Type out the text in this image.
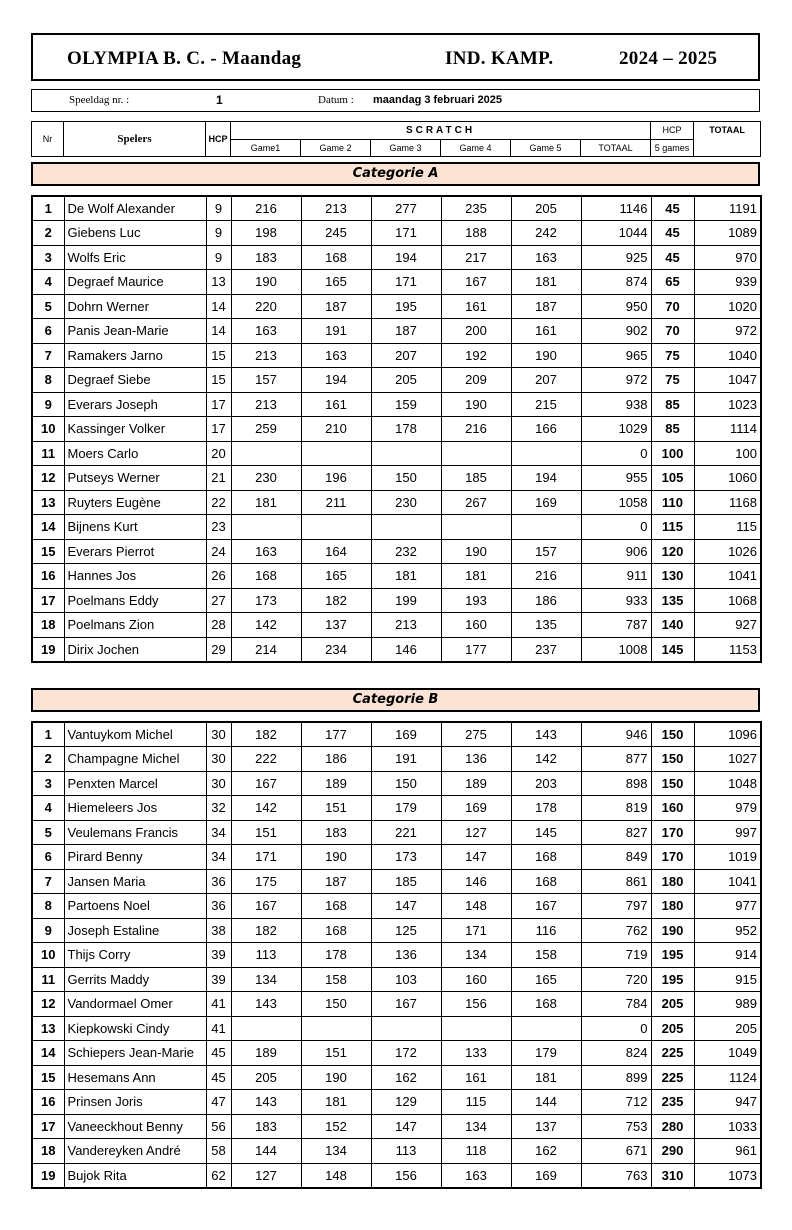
OLYMPIA B. C. - Maandag	IND. KAMP.	2024 – 2025
Speeldag nr. :	1	Datum : maandag 3 februari 2025
Nr	Spelers	HCP	SCRATCH						HCP	TOTAAL
			Game1	Game 2	Game 3	Game 4	Game 5	TOTAAL	5 games	
Categorie A
1	De Wolf Alexander	9	216	213	277	235	205	1146	45	1191
2	Giebens Luc	9	198	245	171	188	242	1044	45	1089
3	Wolfs Eric	9	183	168	194	217	163	925	45	970
4	Degraef Maurice	13	190	165	171	167	181	874	65	939
5	Dohrn Werner	14	220	187	195	161	187	950	70	1020
6	Panis Jean-Marie	14	163	191	187	200	161	902	70	972
7	Ramakers Jarno	15	213	163	207	192	190	965	75	1040
8	Degraef Siebe	15	157	194	205	209	207	972	75	1047
9	Everars Joseph	17	213	161	159	190	215	938	85	1023
10	Kassinger Volker	17	259	210	178	216	166	1029	85	1114
11	Moers Carlo	20						0	100	100
12	Putseys Werner	21	230	196	150	185	194	955	105	1060
13	Ruyters Eugène	22	181	211	230	267	169	1058	110	1168
14	Bijnens Kurt	23						0	115	115
15	Everars Pierrot	24	163	164	232	190	157	906	120	1026
16	Hannes Jos	26	168	165	181	181	216	911	130	1041
17	Poelmans Eddy	27	173	182	199	193	186	933	135	1068
18	Poelmans Zion	28	142	137	213	160	135	787	140	927
19	Dirix Jochen	29	214	234	146	177	237	1008	145	1153
Categorie B
1	Vantuykom Michel	30	182	177	169	275	143	946	150	1096
2	Champagne Michel	30	222	186	191	136	142	877	150	1027
3	Penxten Marcel	30	167	189	150	189	203	898	150	1048
4	Hiemeleers Jos	32	142	151	179	169	178	819	160	979
5	Veulemans Francis	34	151	183	221	127	145	827	170	997
6	Pirard Benny	34	171	190	173	147	168	849	170	1019
7	Jansen Maria	36	175	187	185	146	168	861	180	1041
8	Partoens Noel	36	167	168	147	148	167	797	180	977
9	Joseph Estaline	38	182	168	125	171	116	762	190	952
10	Thijs Corry	39	113	178	136	134	158	719	195	914
11	Gerrits Maddy	39	134	158	103	160	165	720	195	915
12	Vandormael Omer	41	143	150	167	156	168	784	205	989
13	Kiepkowski Cindy	41						0	205	205
14	Schiepers Jean-Marie	45	189	151	172	133	179	824	225	1049
15	Hesemans Ann	45	205	190	162	161	181	899	225	1124
16	Prinsen Joris	47	143	181	129	115	144	712	235	947
17	Vaneeckhout Benny	56	183	152	147	134	137	753	280	1033
18	Vandereyken André	58	144	134	113	118	162	671	290	961
19	Bujok Rita	62	127	148	156	163	169	763	310	1073
